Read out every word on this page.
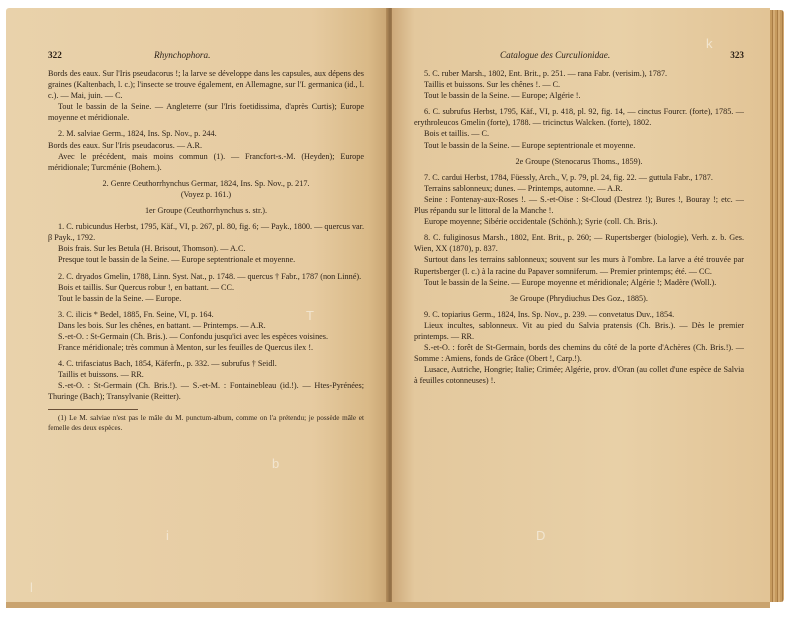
322	Rhynchophora.

Bords des eaux. Sur l'Iris pseudacorus !; la larve se développe dans les capsules, aux dépens des graines (Kaltenbach, l. c.); l'insecte se trouve également, en Allemagne, sur l'I. germanica (id., l. c.). — Mai, juin. — C.

Tout le bassin de la Seine. — Angleterre (sur l'Iris foetidissima, d'après Curtis); Europe moyenne et méridionale.

2. M. salviae Germ., 1824, Ins. Sp. Nov., p. 244.

Bords des eaux. Sur l'Iris pseudacorus. — A.R.

Avec le précédent, mais moins commun (1). — Francfort-s.-M. (Heyden); Europe méridionale; Turcménie (Bohem.).

2. Genre Ceuthorrhynchus Germar, 1824, Ins. Sp. Nov., p. 217.

(Voyez p. 161.)

1er Groupe (Ceuthorrhynchus s. str.).

1. C. rubicundus Herbst, 1795, Käf., VI, p. 267, pl. 80, fig. 6; — Payk., 1800. — quercus var. β Payk., 1792.

Bois frais. Sur les Betula (H. Brisout, Thomson). — A.C.

Presque tout le bassin de la Seine. — Europe septentrionale et moyenne.

2. C. dryados Gmelin, 1788, Linn. Syst. Nat., p. 1748. — quercus † Fabr., 1787 (non Linné).

Bois et taillis. Sur Quercus robur !, en battant. — CC.

Tout le bassin de la Seine. — Europe.

3. C. ilicis * Bedel, 1885, Fn. Seine, VI, p. 164.

Dans les bois. Sur les chênes, en battant. — Printemps. — A.R.

S.-et-O. : St-Germain (Ch. Bris.). — Confondu jusqu'ici avec les espèces voisines.

France méridionale; très commun à Menton, sur les feuilles de Quercus ilex !.

4. C. trifasciatus Bach, 1854, Käferfn., p. 332. — subrufus † Seidl.

Taillis et buissons. — RR.

S.-et-O. : St-Germain (Ch. Bris.!). — S.-et-M. : Fontainebleau (id.!). — Htes-Pyrénées; Thuringe (Bach); Transylvanie (Reitter).

(1) Le M. salviae n'est pas le mâle du M. punctum-album, comme on l'a prétendu; je possède mâle et femelle des deux espèces.

Catalogue des Curculionidae.	323

5. C. ruber Marsh., 1802, Ent. Brit., p. 251. — rana Fabr. (verisim.), 1787.

Taillis et buissons. Sur les chênes !. — C.

Tout le bassin de la Seine. — Europe; Algérie !.

6. C. subrufus Herbst, 1795, Käf., VI, p. 418, pl. 92, fig. 14, — cinctus Fourcr. (forte), 1785. — erythroleucos Gmelin (forte), 1788. — tricinctus Walcken. (forte), 1802.

Bois et taillis. — C.

Tout le bassin de la Seine. — Europe septentrionale et moyenne.

2e Groupe (Stenocarus Thoms., 1859).

7. C. cardui Herbst, 1784, Füessly, Arch., V, p. 79, pl. 24, fig. 22. — guttula Fabr., 1787.

Terrains sablonneux; dunes. — Printemps, automne. — A.R.

Seine : Fontenay-aux-Roses !. — S.-et-Oise : St-Cloud (Destrez !); Bures !, Bouray !; etc. — Plus répandu sur le littoral de la Manche !.

Europe moyenne; Sibérie occidentale (Schönh.); Syrie (coll. Ch. Bris.).

8. C. fuliginosus Marsh., 1802, Ent. Brit., p. 260; — Rupertsberger (biologie), Verh. z. b. Ges. Wien, XX (1870), p. 837.

Surtout dans les terrains sablonneux; souvent sur les murs à l'ombre. La larve a été trouvée par Rupertsberger (l. c.) à la racine du Papaver somniferum. — Premier printemps; été. — CC.

Tout le bassin de la Seine. — Europe moyenne et méridionale; Algérie !; Madère (Woll.).

3e Groupe (Phrydiuchus Des Goz., 1885).

9. C. topiarius Germ., 1824, Ins. Sp. Nov., p. 239. — convetatus Duv., 1854.

Lieux incultes, sablonneux. Vit au pied du Salvia pratensis (Ch. Bris.). — Dès le premier printemps. — RR.

S.-et-O. : forêt de St-Germain, bords des chemins du côté de la porte d'Achères (Ch. Bris.!). — Somme : Amiens, fonds de Grâce (Obert !, Carp.!).

Lusace, Autriche, Hongrie; Italie; Crimée; Algérie, prov. d'Oran (au collet d'une espèce de Salvia à feuilles cotonneuses) !.

l
i
b
T
D
k
